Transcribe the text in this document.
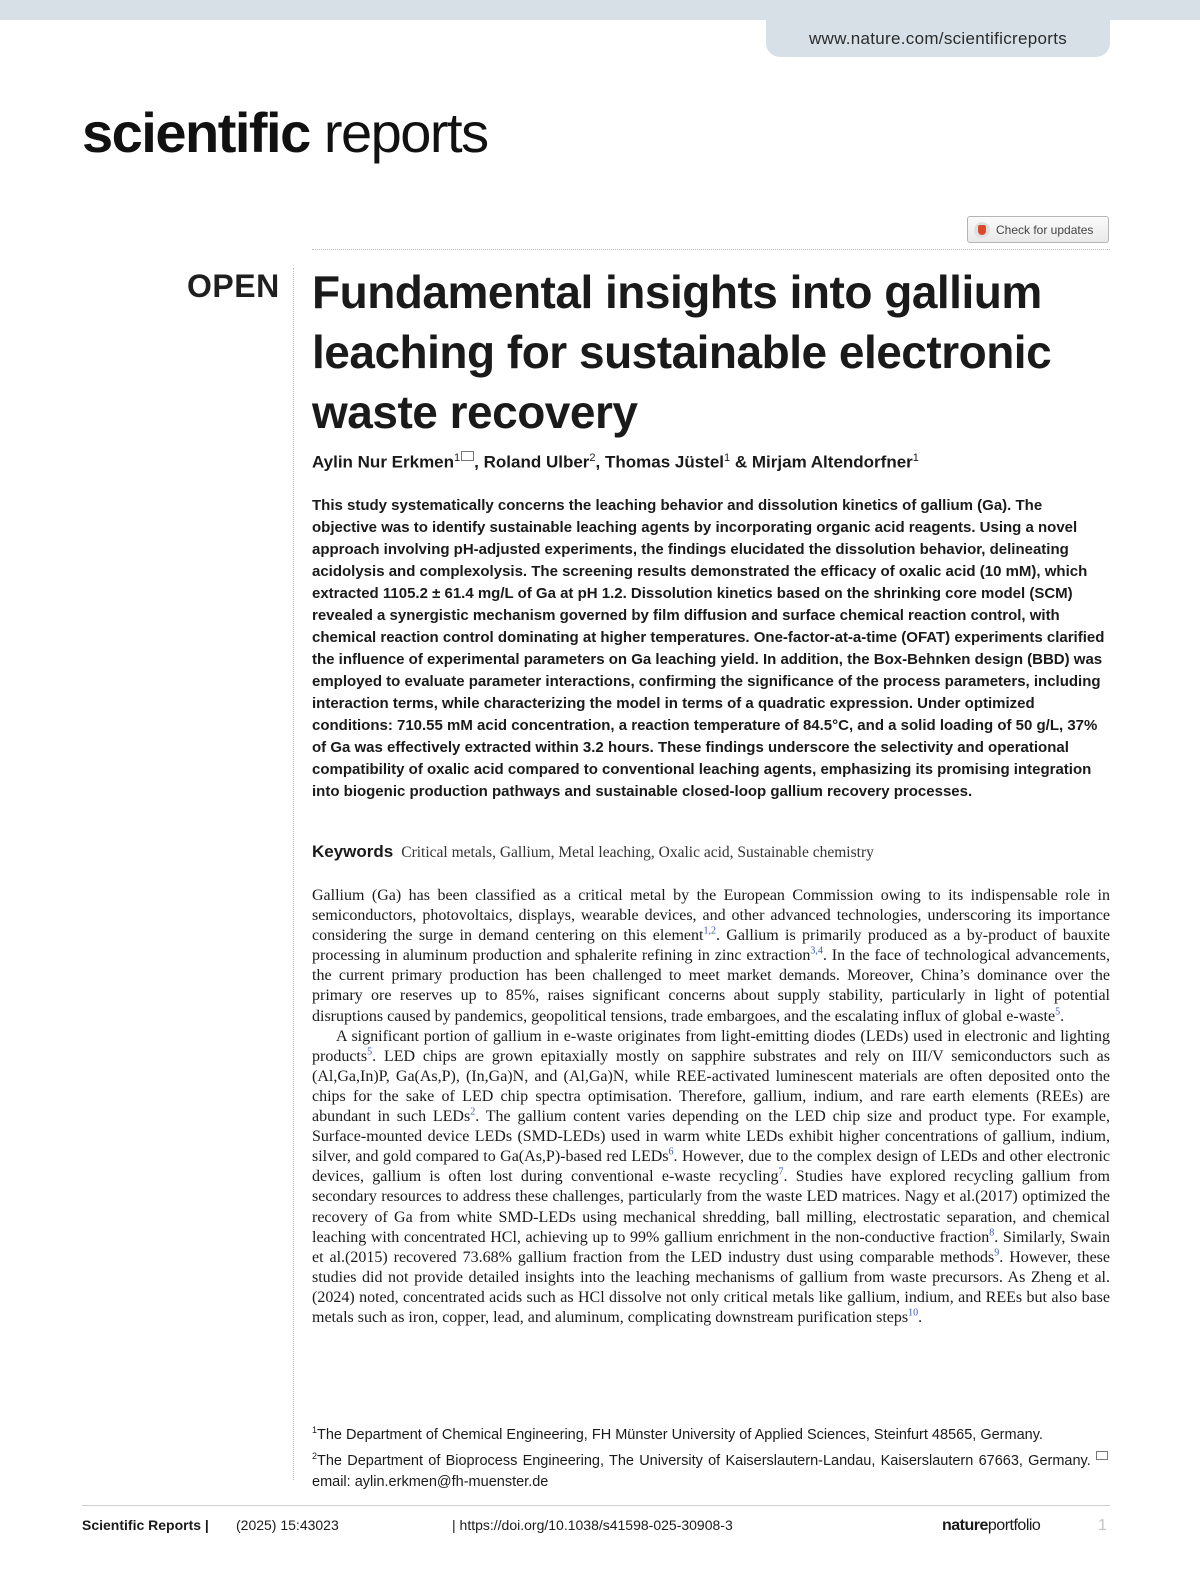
www.nature.com/scientificreports
scientific reports
Check for updates
OPEN Fundamental insights into gallium leaching for sustainable electronic waste recovery
Aylin Nur Erkmen$^1$ , Roland Ulber$^2$, Thomas Jüstel$^1$ & Mirjam Altendorfner$^1$

This study systematically concerns the leaching behavior and dissolution kinetics of gallium (Ga). The objective was to identify sustainable leaching agents by incorporating organic acid reagents. Using a novel approach involving pH-adjusted experiments, the findings elucidated the dissolution behavior, delineating acidolysis and complexolysis. The screening results demonstrated the efficacy of oxalic acid (10 mM), which extracted 1105.2 ± 61.4 mg/L of Ga at pH 1.2. Dissolution kinetics based on the shrinking core model (SCM) revealed a synergistic mechanism governed by film diffusion and surface chemical reaction control, with chemical reaction control dominating at higher temperatures. One-factor-at-a-time (OFAT) experiments clarified the influence of experimental parameters on Ga leaching yield. In addition, the Box-Behnken design (BBD) was employed to evaluate parameter interactions, confirming the significance of the process parameters, including interaction terms, while characterizing the model in terms of a quadratic expression. Under optimized conditions: 710.55 mM acid concentration, a reaction temperature of 84.5°C, and a solid loading of 50 g/L, 37% of Ga was effectively extracted within 3.2 hours. These findings underscore the selectivity and operational compatibility of oxalic acid compared to conventional leaching agents, emphasizing its promising integration into biogenic production pathways and sustainable closed-loop gallium recovery processes.

Keywords Critical metals, Gallium, Metal leaching, Oxalic acid, Sustainable chemistry

Gallium (Ga) has been classified as a critical metal by the European Commission owing to its indispensable role in semiconductors, photovoltaics, displays, wearable devices, and other advanced technologies, underscoring its importance considering the surge in demand centering on this element$^{1,2}$. Gallium is primarily produced as a by-product of bauxite processing in aluminum production and sphalerite refining in zinc extraction$^{3,4}$. In the face of technological advancements, the current primary production has been challenged to meet market demands. Moreover, China’s dominance over the primary ore reserves up to 85%, raises significant concerns about supply stability, particularly in light of potential disruptions caused by pandemics, geopolitical tensions, trade embargoes, and the escalating influx of global e-waste$^5$.

A significant portion of gallium in e-waste originates from light-emitting diodes (LEDs) used in electronic and lighting products$^5$. LED chips are grown epitaxially mostly on sapphire substrates and rely on III/V semiconductors such as (Al,Ga,In)P, Ga(As,P), (In,Ga)N, and (Al,Ga)N, while REE-activated luminescent materials are often deposited onto the chips for the sake of LED chip spectra optimisation. Therefore, gallium, indium, and rare earth elements (REEs) are abundant in such LEDs$^2$. The gallium content varies depending on the LED chip size and product type. For example, Surface-mounted device LEDs (SMD-LEDs) used in warm white LEDs exhibit higher concentrations of gallium, indium, silver, and gold compared to Ga(As,P)-based red LEDs$^6$. However, due to the complex design of LEDs and other electronic devices, gallium is often lost during conventional e-waste recycling$^7$. Studies have explored recycling gallium from secondary resources to address these challenges, particularly from the waste LED matrices. Nagy et al.(2017) optimized the recovery of Ga from white SMD-LEDs using mechanical shredding, ball milling, electrostatic separation, and chemical leaching with concentrated HCl, achieving up to 99% gallium enrichment in the non-conductive fraction$^8$. Similarly, Swain et al.(2015) recovered 73.68% gallium fraction from the LED industry dust using comparable methods$^9$. However, these studies did not provide detailed insights into the leaching mechanisms of gallium from waste precursors. As Zheng et al.(2024) noted, concentrated acids such as HCl dissolve not only critical metals like gallium, indium, and REEs but also base metals such as iron, copper, lead, and aluminum, complicating downstream purification steps$^{10}$.

$^1$The Department of Chemical Engineering, FH Münster University of Applied Sciences, Steinfurt 48565, Germany.

$^2$The Department of Bioprocess Engineering, The University of Kaiserslautern-Landau, Kaiserslautern 67663, Germany. email: aylin.erkmen@fh-muenster.de

Scientific Reports | (2025) 15:43023	| https://doi.org/10.1038/s41598-025-30908-3	natureportfolio	1
